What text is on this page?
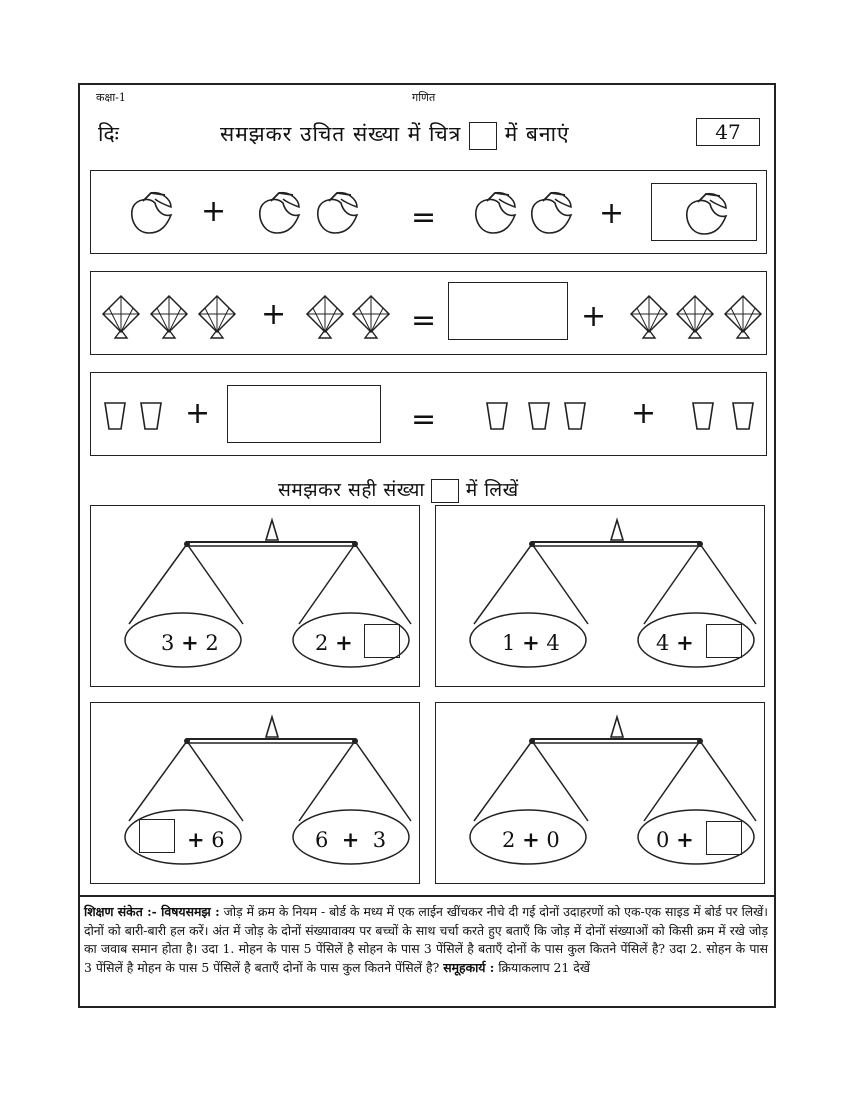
कक्षा-1	गणित
दिः	समझकर उचित संख्या में चित्र में बनाएं	47
+	=	+
+	=	+
+	=	+
समझकर सही संख्या में लिखें
3 + 2	2 +	1 + 4	4 +
+ 6	6 + 3	2 + 0	0 +
शिक्षण संकेत :- विषयसमझ : जोड़ में क्रम के नियम - बोर्ड के मध्य में एक लाईन खींचकर नीचे दी गई दोनों उदाहरणों को एक-एक साइड में बोर्ड पर लिखें। दोनों को बारी-बारी हल करें। अंत में जोड़ के दोनों संख्यावाक्य पर बच्चों के साथ चर्चा करते हुए बताएँ कि जोड़ में दोनों संख्याओं को किसी क्रम में रखे जोड़ का जवाब समान होता है। उदा 1. मोहन के पास 5 पेंसिलें है सोहन के पास 3 पेंसिलें है बताएँ दोनों के पास कुल कितने पेंसिलें है? उदा 2. सोहन के पास 3 पेंसिलें है मोहन के पास 5 पेंसिलें है बताएँ दोनों के पास कुल कितने पेंसिलें है? समूहकार्य : क्रियाकलाप 21 देखें
